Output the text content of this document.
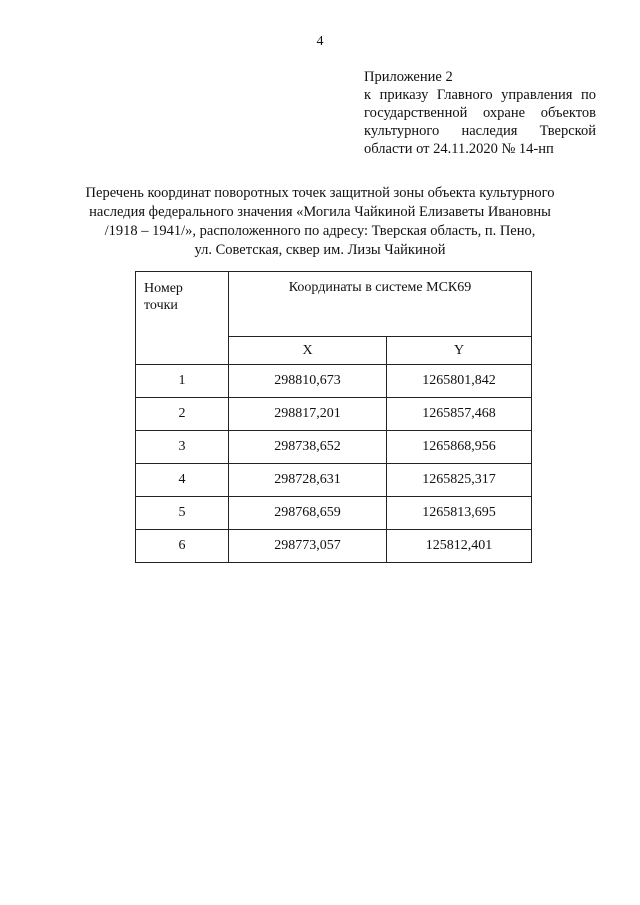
4
Приложение 2
к приказу Главного управления по
государственной охране объектов
культурного наследия Тверской
области от 24.11.2020 № 14-нп
Перечень координат поворотных точек защитной зоны объекта культурного
наследия федерального значения «Могила Чайкиной Елизаветы Ивановны
/1918 – 1941/», расположенного по адресу: Тверская область, п. Пено,
ул. Советская, сквер им. Лизы Чайкиной
Номер
точки	Координаты в системе МСК69	
	X	Y
1	298810,673	1265801,842
2	298817,201	1265857,468
3	298738,652	1265868,956
4	298728,631	1265825,317
5	298768,659	1265813,695
6	298773,057	125812,401
